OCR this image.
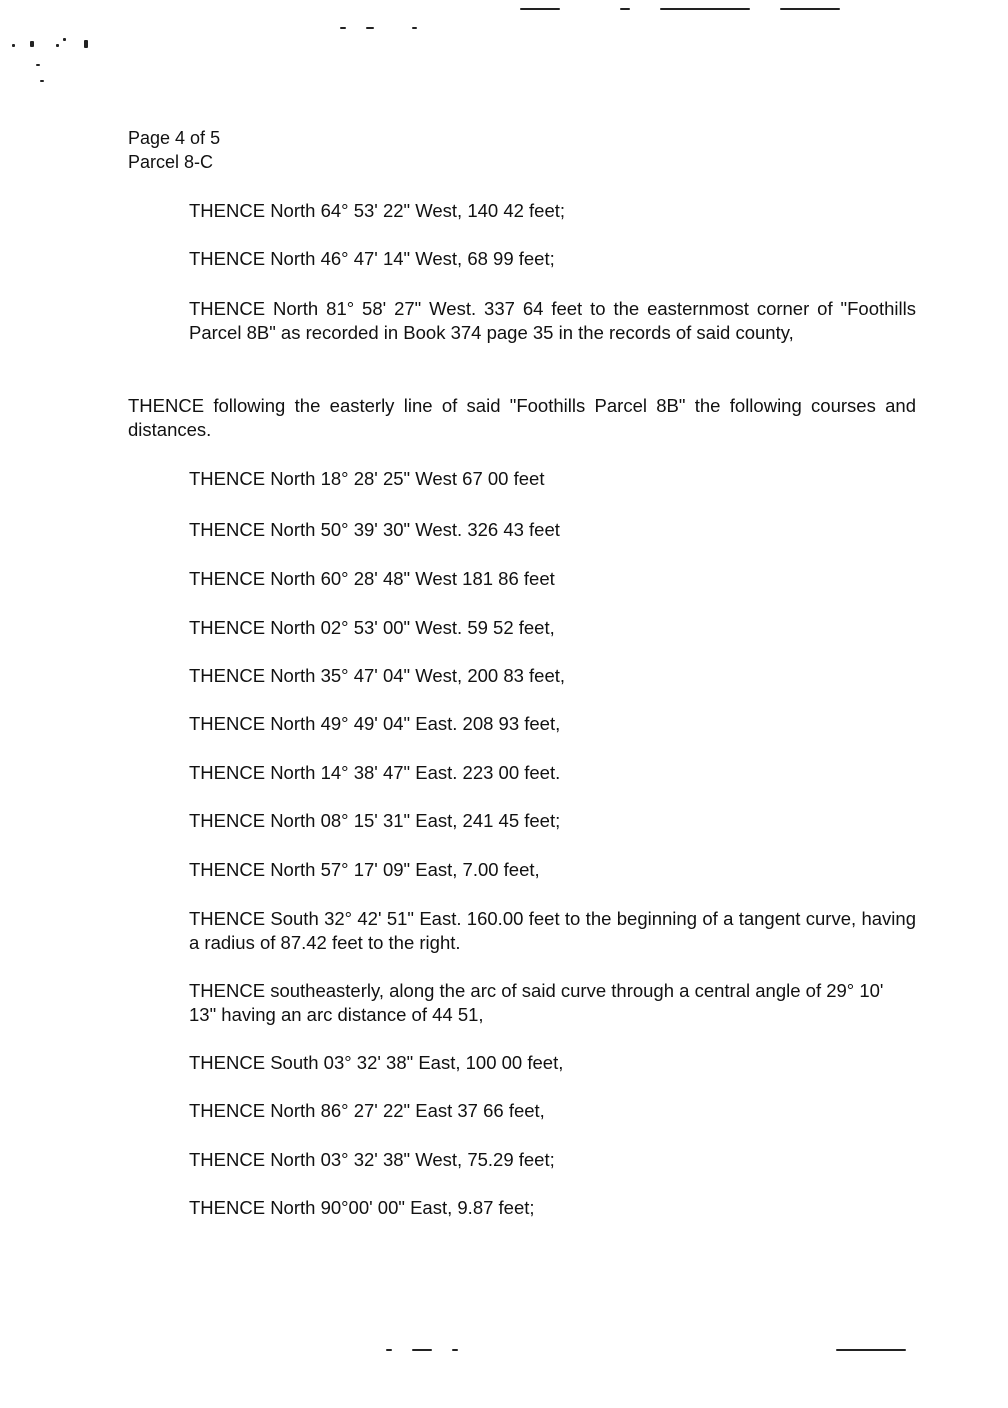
Page 4 of 5
Parcel 8-C
THENCE North 64° 53' 22" West, 140 42 feet;
THENCE North 46° 47' 14" West, 68 99 feet;
THENCE North 81° 58' 27" West. 337 64 feet to the easternmost corner of "Foothills Parcel 8B" as recorded in Book 374 page 35 in the records of said county,
THENCE following the easterly line of said "Foothills Parcel 8B" the following courses and distances.
THENCE North 18° 28' 25" West 67 00 feet
THENCE North 50° 39' 30" West. 326 43 feet
THENCE North 60° 28' 48" West 181 86 feet
THENCE North 02° 53' 00" West. 59 52 feet,
THENCE North 35° 47' 04" West, 200 83 feet,
THENCE North 49° 49' 04" East. 208 93 feet,
THENCE North 14° 38' 47" East. 223 00 feet.
THENCE North 08° 15' 31" East, 241 45 feet;
THENCE North 57° 17' 09" East, 7.00 feet,
THENCE South 32° 42' 51" East. 160.00 feet to the beginning of a tangent curve, having a radius of 87.42 feet to the right.
THENCE southeasterly, along the arc of said curve through a central angle of 29° 10' 13" having an arc distance of 44 51,
THENCE South 03° 32' 38" East, 100 00 feet,
THENCE North 86° 27' 22" East 37 66 feet,
THENCE North 03° 32' 38" West, 75.29 feet;
THENCE North 90°00' 00" East, 9.87 feet;
